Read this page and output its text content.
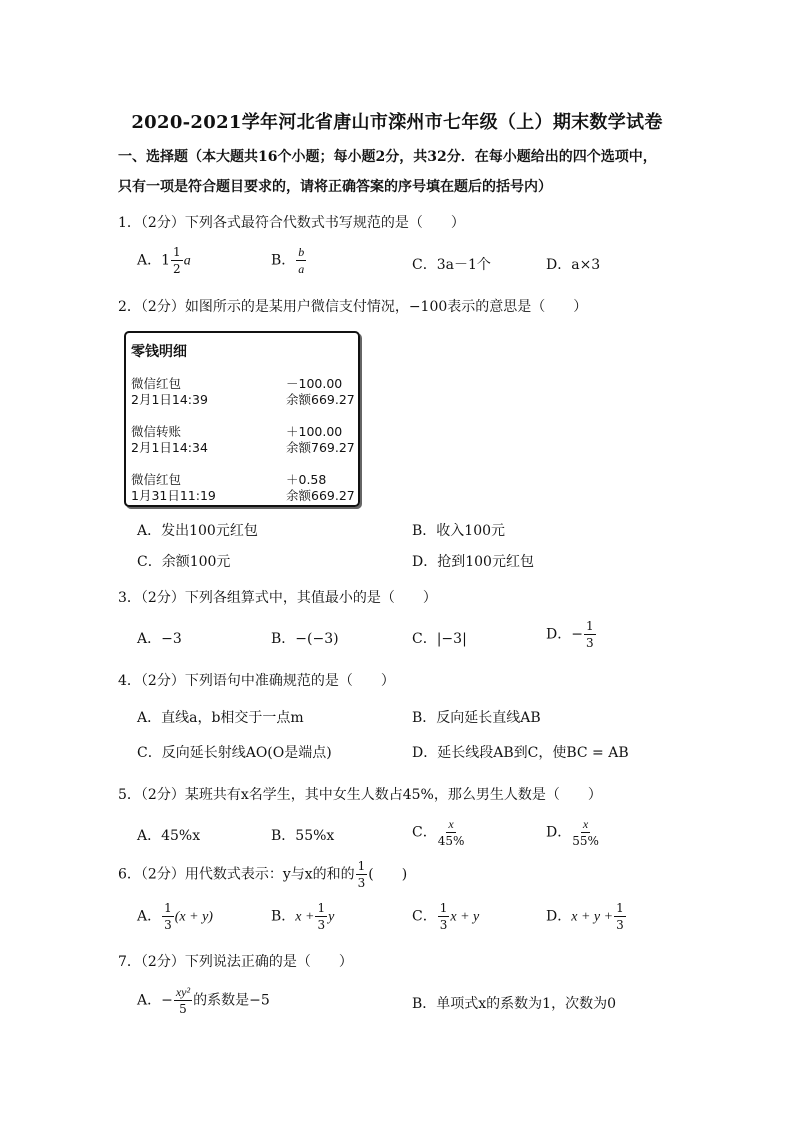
2020-2021学年河北省唐山市滦州市七年级（上）期末数学试卷
一、选择题（本大题共16个小题；每小题2分，共32分．在每小题给出的四个选项中，
只有一项是符合题目要求的，请将正确答案的序号填在题后的括号内）
1．（2分）下列各式最符合代数式书写规范的是（　　）
A．$1 \frac{1}{2}$ a	B． $\frac{b}{a}$	C．3a－1个	D．a×3
2．（2分）如图所示的是某用户微信支付情况，−100表示的意思是（　　）
零钱明细
微信红包	－100.00
2月1日14:39	余额669.27
微信转账	＋100.00
2月1日14:34	余额769.27
微信红包	＋0.58
1月31日11:19	余额669.27
A．发出100元红包	B．收入100元
C．余额100元	D．抢到100元红包
3．（2分）下列各组算式中，其值最小的是（　　）
A．−3	B．−(−3)	C．|−3|	D．− $\frac{1}{3}$
4．（2分）下列语句中准确规范的是（　　）
A．直线a，b相交于一点m	B．反向延长直线AB
C．反向延长射线AO(O是端点)	D．延长线段AB到C，使BC = AB
5．（2分）某班共有x名学生，其中女生人数占45%，那么男生人数是（　　）
A．45%x	B．55%x	C． $\frac{x}{45\%}$	D． $\frac{x}{55\%}$
6．（2分）用代数式表示：y与x的和的 $\frac{1}{3}$ (　　)
A． $\frac{1}{3} (x + y)$	B．$x + \frac{1}{3}$ y	C． $\frac{1}{3}$ x + y	D．$x + y + \frac{1}{3}$
7．（2分）下列说法正确的是（　　）
A．− $\frac{\text{xy²}}{5}$ 的系数是−5	B．单项式x的系数为1，次数为0
